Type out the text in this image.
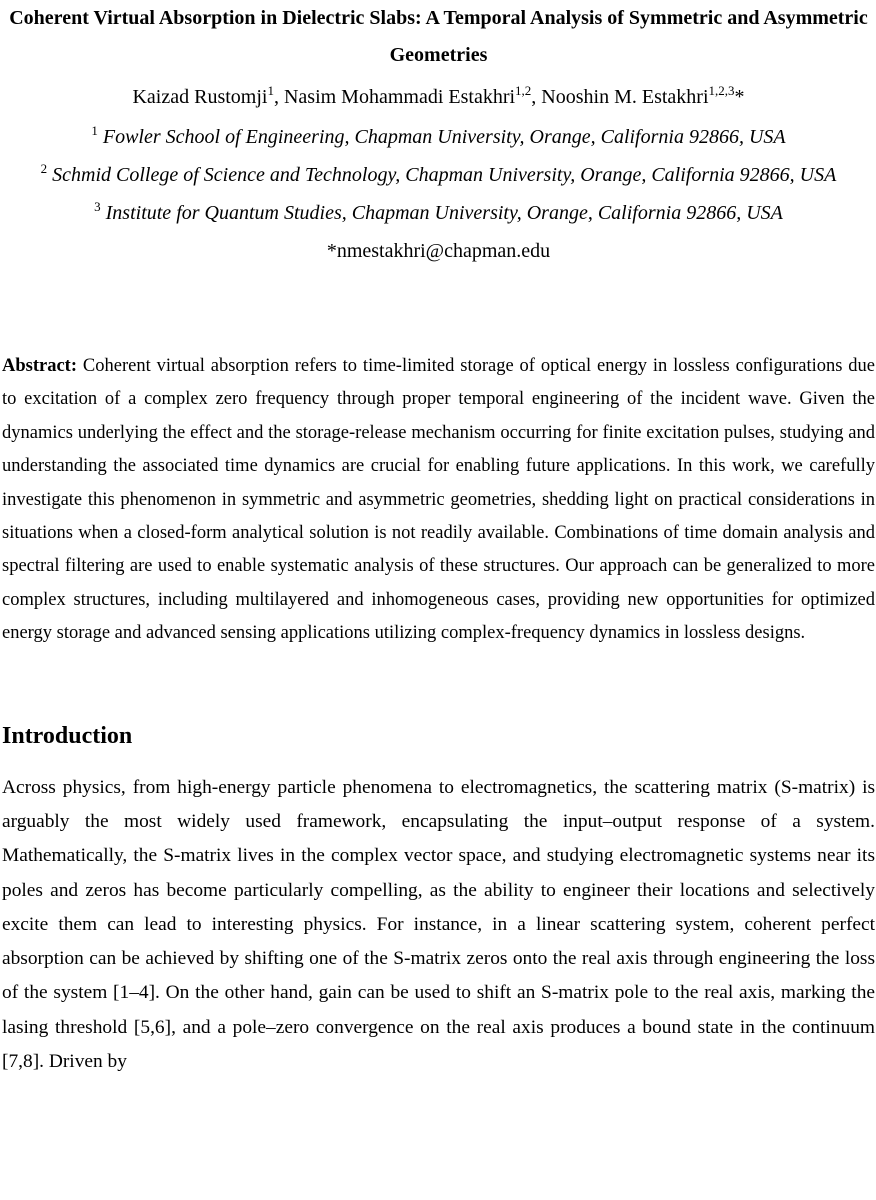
Coherent Virtual Absorption in Dielectric Slabs: A Temporal Analysis of Symmetric and Asymmetric Geometries

Kaizad Rustomji$^1$, Nasim Mohammadi Estakhri$^{1,2}$, Nooshin M. Estakhri$^{1,2,3}$*

$^1$ Fowler School of Engineering, Chapman University, Orange, California 92866, USA

$^2$ Schmid College of Science and Technology, Chapman University, Orange, California 92866, USA

$^3$ Institute for Quantum Studies, Chapman University, Orange, California 92866, USA

*nmestakhri@chapman.edu

Abstract: Coherent virtual absorption refers to time-limited storage of optical energy in lossless configurations due to excitation of a complex zero frequency through proper temporal engineering of the incident wave. Given the dynamics underlying the effect and the storage-release mechanism occurring for finite excitation pulses, studying and understanding the associated time dynamics are crucial for enabling future applications. In this work, we carefully investigate this phenomenon in symmetric and asymmetric geometries, shedding light on practical considerations in situations when a closed-form analytical solution is not readily available. Combinations of time domain analysis and spectral filtering are used to enable systematic analysis of these structures. Our approach can be generalized to more complex structures, including multilayered and inhomogeneous cases, providing new opportunities for optimized energy storage and advanced sensing applications utilizing complex-frequency dynamics in lossless designs.

Introduction

Across physics, from high-energy particle phenomena to electromagnetics, the scattering matrix (S-matrix) is arguably the most widely used framework, encapsulating the input–output response of a system. Mathematically, the S-matrix lives in the complex vector space, and studying electromagnetic systems near its poles and zeros has become particularly compelling, as the ability to engineer their locations and selectively excite them can lead to interesting physics. For instance, in a linear scattering system, coherent perfect absorption can be achieved by shifting one of the S-matrix zeros onto the real axis through engineering the loss of the system [1–4]. On the other hand, gain can be used to shift an S-matrix pole to the real axis, marking the lasing threshold [5,6], and a pole–zero convergence on the real axis produces a bound state in the continuum [7,8]. Driven by
